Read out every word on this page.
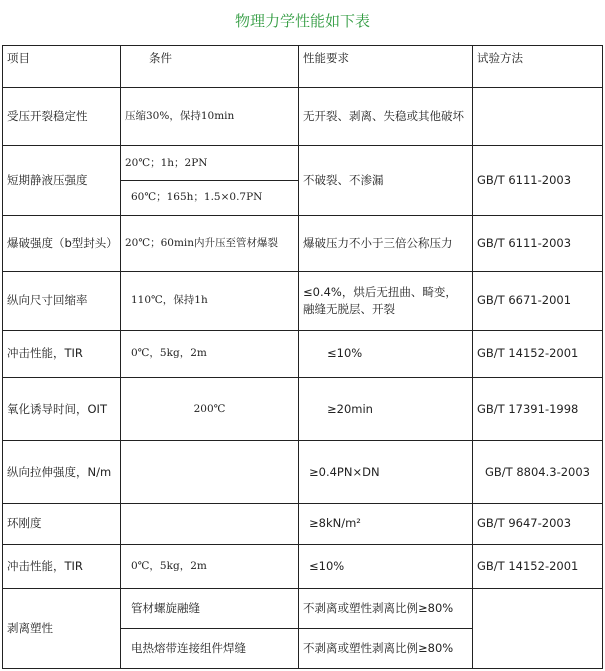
物理力学性能如下表
项目	条件	性能要求	试验方法
受压开裂稳定性	压缩30%，保持10min	无开裂、剥离、失稳或其他破坏	
短期静液压强度	20℃；1h；2PN	不破裂、不渗漏	GB/T 6111-2003
	60℃；165h；1.5×0.7PN		
爆破强度（b型封头）	20℃；60min内升压至管材爆裂	爆破压力不小于三倍公称压力	GB/T 6111-2003
纵向尺寸回缩率	110℃，保持1h	≤0.4%，烘后无扭曲、畸变，融缝无脱层、开裂	GB/T 6671-2001
冲击性能，TIR	0℃，5kg，2m	≤10%	GB/T 14152-2001
氧化诱导时间，OIT	200℃	≥20min	GB/T 17391-1998
纵向拉伸强度，N/m		≥0.4PN×DN	GB/T 8804.3-2003
环刚度		≥8kN/m²	GB/T 9647-2003
冲击性能，TIR	0℃，5kg，2m	≤10%	GB/T 14152-2001
剥离塑性	管材螺旋融缝	不剥离或塑性剥离比例≥80%	
	电热熔带连接组件焊缝	不剥离或塑性剥离比例≥80%	
